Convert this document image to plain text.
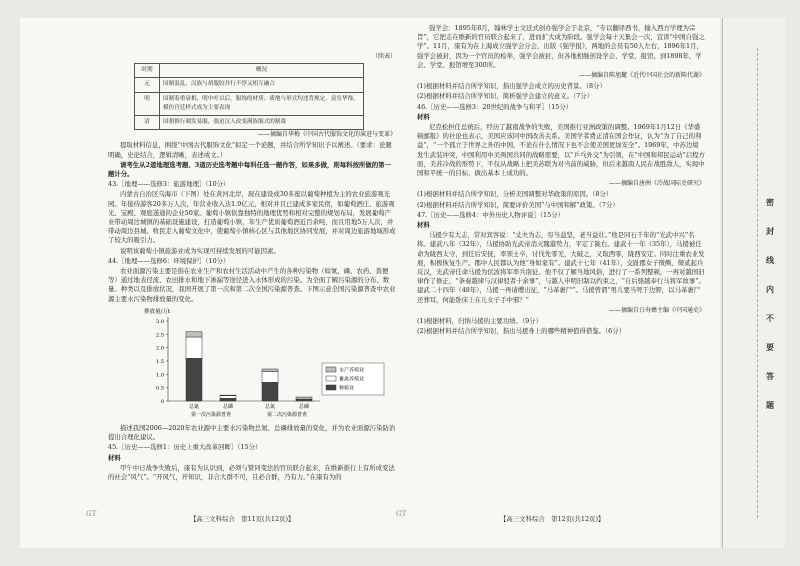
（续表）
时期	概况
元	国制混乱，汉族与胡服胶并行不悖又相互融合
明	国制着重衰相，明中叶以后，服饰的材质、质地与形式均违背规定，富室华饰，模仿宫廷样式成为主要表现
清	国朝推行剃发易服，强迫汉人改变满族服式的制裁
——摘编自华梅《中国古代服饰文化的演进与变革》

提取材料信息，围绕“中国古代服饰文化”拟定一个论题，并结合所学知识予以阐述。（要求：论题明确，史论结合，逻辑清晰，表述成文。）

请考生从2道地理选考题、3道历史选考题中每科任选一题作答，如果多做，则每科按所做的第一题计分。

43.［地理——选修3：旅游地理］（10分）

内蒙古自治区乌海市（下图）处在黄河北岸，现在建设成30多座以葡萄种植为主的农业旅游观光园。年接待游客20多万人次，年营业收入达1.9亿元，相对并且已建成多家民宿，如葡萄酒庄、旅游观光、宝殿、观庭遂通的企业50家。葡萄小镇依靠独特的地理优势和相对完整的规划布局，发展葡萄产业带动周边城镇的基础设施建设，打造葡萄小镇，年生产优质葡萄酒近百余吨，而且用地5万人次，并带动周边县城、牧民走入葡萄文化中，使葡萄小镇核心区与其他地区协同发展，并对周边旅游地域形成了较大的吸引力。

说明该葡萄小镇旅游业成为实现可持续发展的可能因素。

44.［地理——选修6：环境保护］（10分）

农业面源污染主要是指在农业生产和农村生活活动中产生的各种污染物（如氮、磷、农药、粪便等）通过地表径流、农田排水和地下渗漏等途径进入水体形成的污染。为全面了解污染源的分布、数量、种类以及排放状况，我国开展了第一次和第二次全国污染源普查。下图示意全国污染源普查中农业源主要水污染物排放量的变化。

排放量/万t
0
0.5
1.0
1.5
2.0
2.5
3.0
总氮	总磷	总氮	总磷
第一次污染源普查	第二次污染源普查
水产养殖业
畜禽养殖业
种植业

描述我国2006—2020年农业源中主要水污染物总氮、总磷排放量的变化，并为农业面源污染防治提出合理化建议。

45.［历史——选修1：历史上重大改革回眸］（15分）

材料

甲午中日战争失败后，康有为认识到，必须与赞同变法的官员联合起来，在维新推行上有所成变法的社会“风气”。“开风气，开知识，非合大群不可，且必合群，乃有力。”在康有为的

GT
【高三文科综合　第11页(共12页)】

强学会：1895年8月，翰林学士文廷式创办强学会于北京，“专以翻译西书，输入西方学理为宗旨”，它把志在维新的官员联合起来了，进而扩大成为阶段。强学会每十天集会一次，宣讲“中国自强之学”。11月，康有为在上海成立强学会分会，出版《强学报》，两地的会员有50人左右，1896年1月，强学会被封，因为一个官员的检举，强学会被封，但各地相继创设学会、学堂、报馆，到1898年，学会、学堂、报馆增至300所。

——摘编自陈旭麓《近代中国社会的新陈代谢》

(1)根据材料并结合所学知识，指出强学会成立的历史背景。（8分）

(2)根据材料并结合所学知识，简析强学会建立的意义。（7分）

46.［历史——选修3：20世纪的战争与和平］（15分）

材料

尼克松担任总统后，经历了越南战争的失败，美国推行亚洲政策的调整。1969年1月12日《华盛顿邮报》的社论也表示，美国应该同中国改善关系。美国学者费正清在国会作证，认为“为了自己的利益”，“一个孤立于世界之外的中国，不论在什么情况下也不会使美国更加安全”。1969年，中苏边境发生武装冲突，中国利用中美两国共同的战略需要，以“乒乓外交”为引领，在“中国和邦民运动”启程方面，美苏冷战的形势下，不仅从战略上把美苏联为对当前的威胁，但后来越南人民在战胜敌人，实现中国和平统一的目标，做出基本上成功的。

——摘编自唐洲《冷战国际史研究》

(1)根据材料并结合所学知识，分析美国调整对华政策的原因。（8分）

(2)根据材料并结合所学知识，简要评价美国“与中国和解”政策。（7分）

47.［历史——选修4：中外历史人物评说］（15分）

材料

马援少有大志，常对宾客说：“丈夫为志，穷当益坚，老当益壮。”他是同石千年的“光武中兴”名将。建武八年（32年），马援协助光武帝消灭隗嚣势力，平定了陇右。建武十一年（35年），马援被任命为陇西太守，到任后安抚，率领士卒，讨伐先零羌，大破之，又取西零，陇西安定。同时注重农业发展，积极恢复生产。郡中人民都认为他“身如家有”。建武十七年（41年），交趾郡女子徵侧、徵贰起兵反汉，光武帝任命马援为伏波将军率兵南征。他不仅了解当地风俗，进行了一系列整顿，一再对越国旧律作了修正，“条奏越律与汉律驳者十余事”，与越人申明旧制以约束之，“自后骆越奉行马将军故事”。建武二十四年（48年），马援一再请缨出征，“马革裹尸”。马援曾谓“男儿要当死于边野，以马革裹尸还葬耳，何能卧床上在儿女子手中邪？”

——摘编自白寿彝主编《中国通史》

(1)根据材料，归纳马援的主要功绩。（9分）

(2)根据材料并结合所学知识，指出马援身上的哪些精神值得借鉴。（6分）

GT
【高三文科综合　第12页(共12页)】
密
封
线
内
不
要
答
题
